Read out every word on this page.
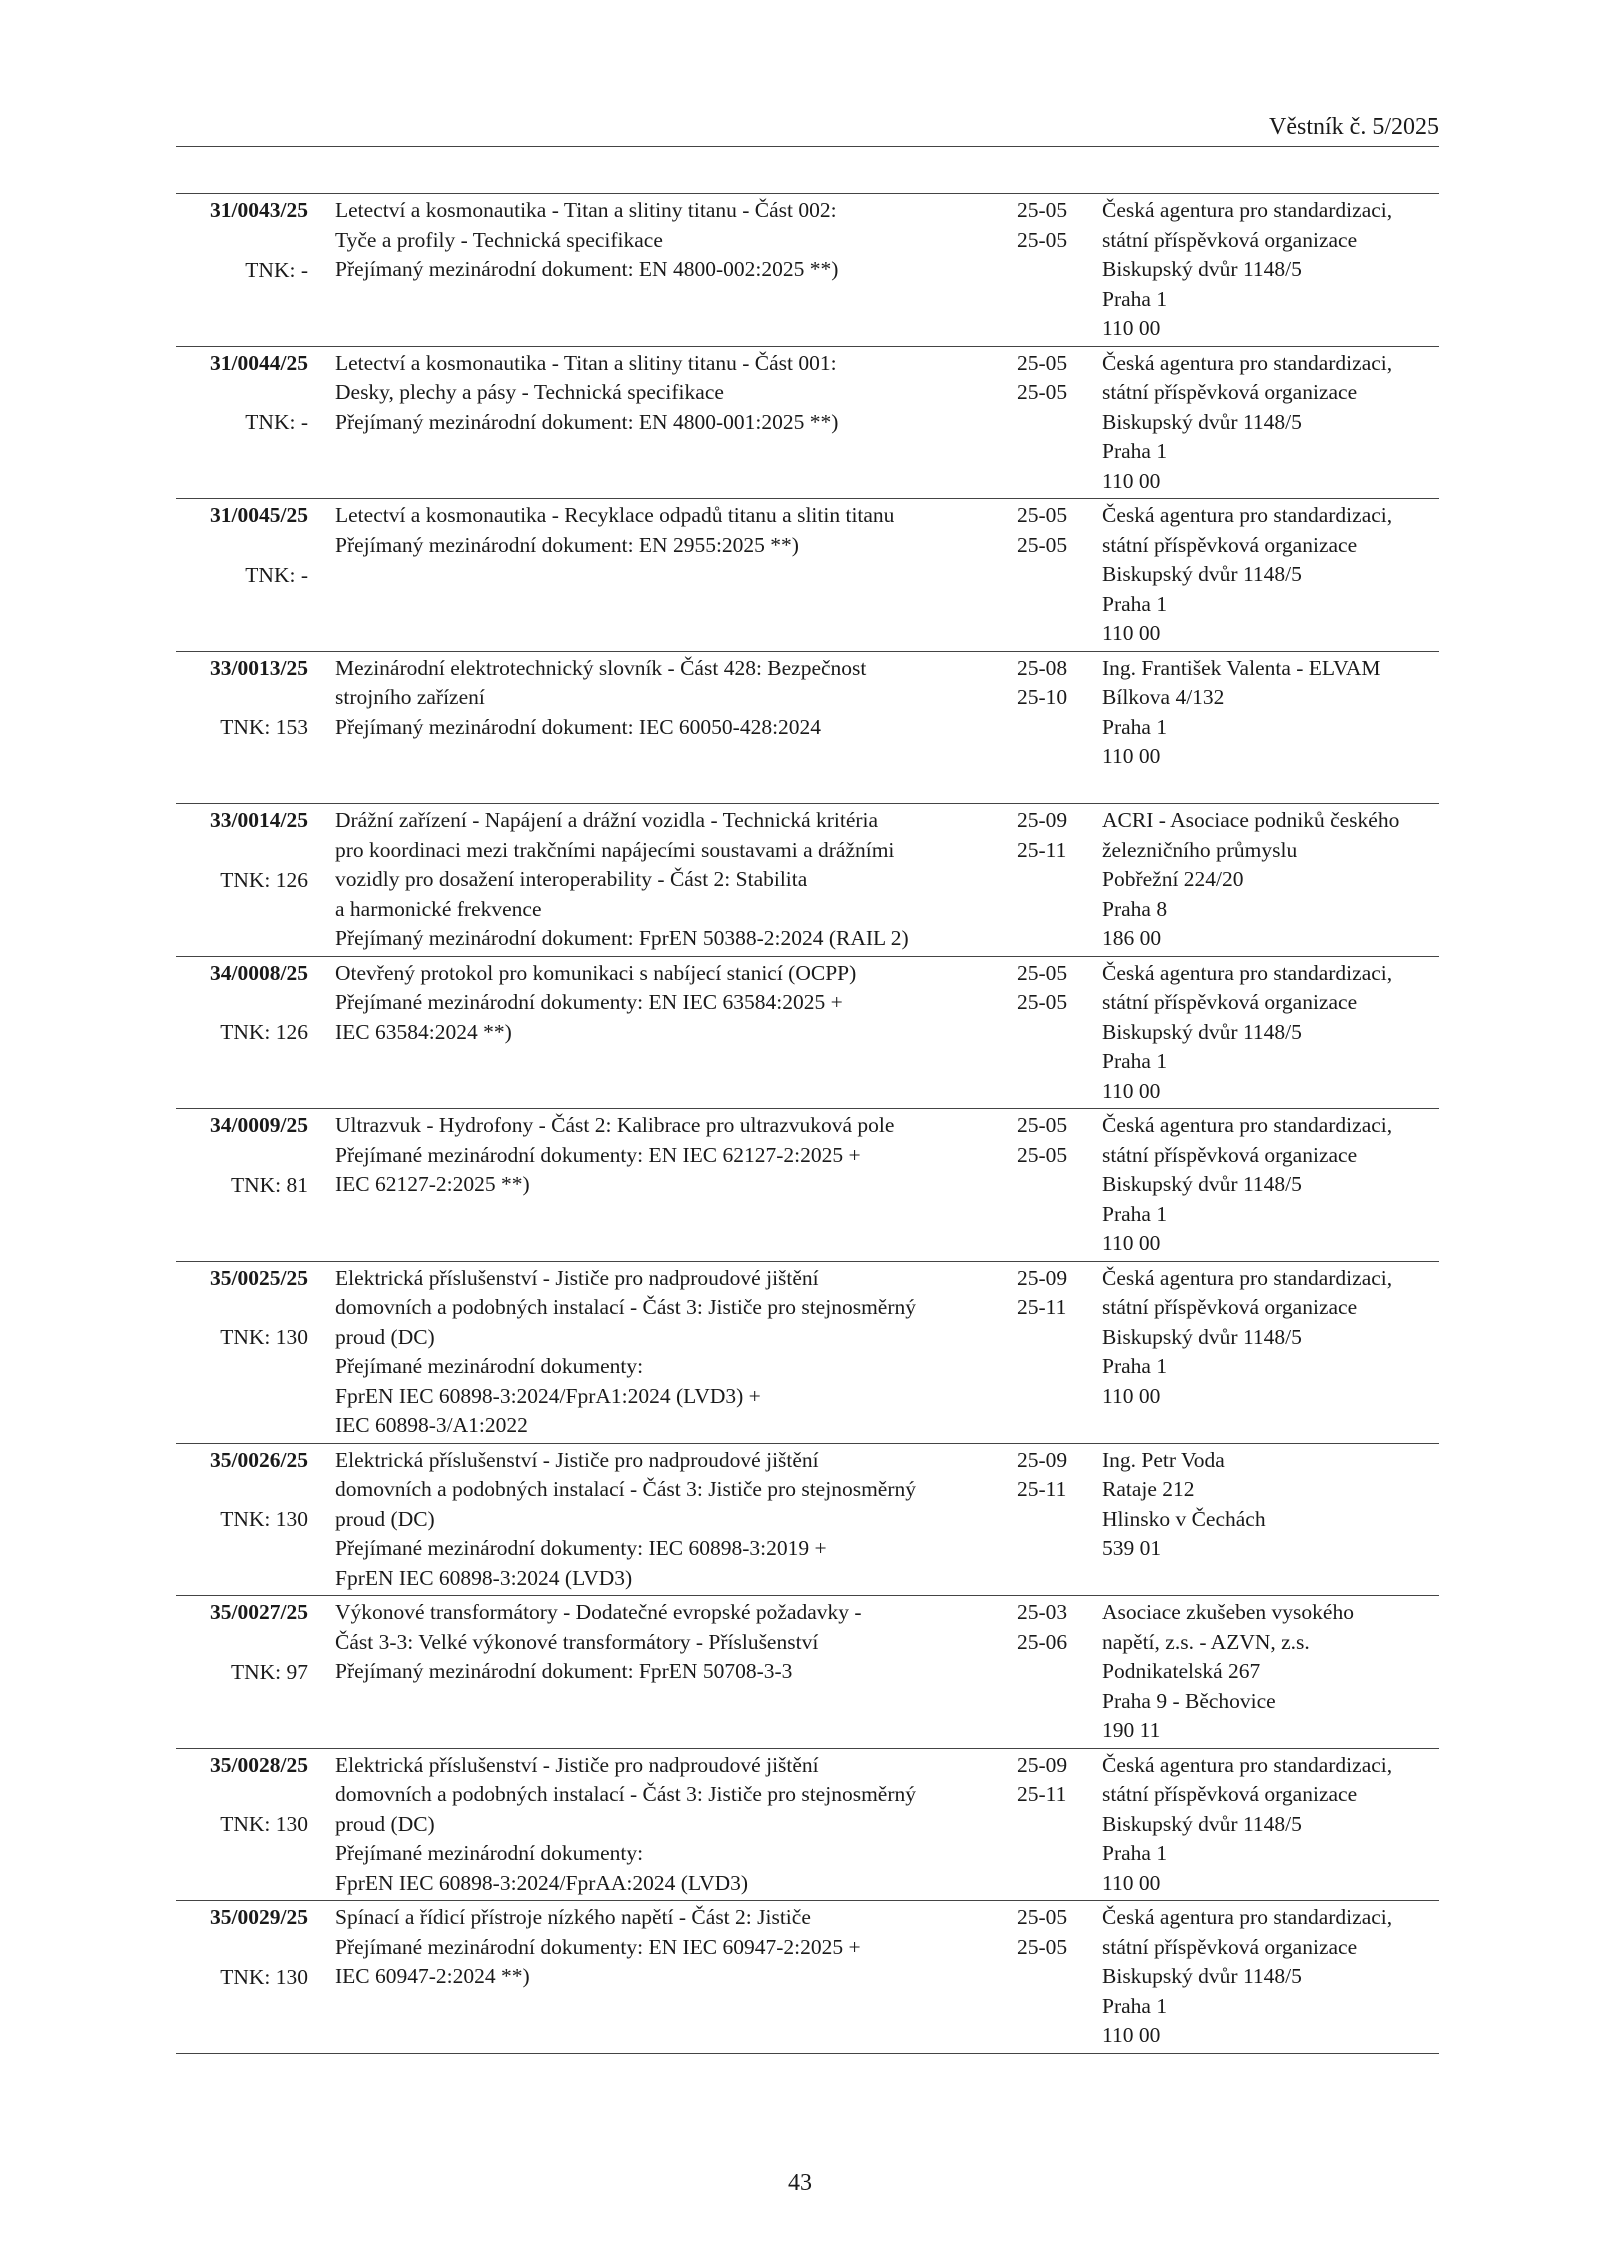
Věstník č. 5/2025
31/0043/25
TNK: -
Letectví a kosmonautika - Titan a slitiny titanu - Část 002:
Tyče a profily - Technická specifikace
Přejímaný mezinárodní dokument: EN 4800-002:2025 **)
25-05
25-05
Česká agentura pro standardizaci,
státní příspěvková organizace
Biskupský dvůr 1148/5
Praha 1
110 00
31/0044/25
TNK: -
Letectví a kosmonautika - Titan a slitiny titanu - Část 001:
Desky, plechy a pásy - Technická specifikace
Přejímaný mezinárodní dokument: EN 4800-001:2025 **)
25-05
25-05
Česká agentura pro standardizaci,
státní příspěvková organizace
Biskupský dvůr 1148/5
Praha 1
110 00
31/0045/25
TNK: -
Letectví a kosmonautika - Recyklace odpadů titanu a slitin titanu
Přejímaný mezinárodní dokument: EN 2955:2025 **)
25-05
25-05
Česká agentura pro standardizaci,
státní příspěvková organizace
Biskupský dvůr 1148/5
Praha 1
110 00
33/0013/25
TNK: 153
Mezinárodní elektrotechnický slovník - Část 428: Bezpečnost
strojního zařízení
Přejímaný mezinárodní dokument: IEC 60050-428:2024
25-08
25-10
Ing. František Valenta - ELVAM
Bílkova 4/132
Praha 1
110 00
33/0014/25
TNK: 126
Drážní zařízení - Napájení a drážní vozidla - Technická kritéria
pro koordinaci mezi trakčními napájecími soustavami a drážními
vozidly pro dosažení interoperability - Část 2: Stabilita
a harmonické frekvence
Přejímaný mezinárodní dokument: FprEN 50388-2:2024 (RAIL 2)
25-09
25-11
ACRI - Asociace podniků českého
železničního průmyslu
Pobřežní 224/20
Praha 8
186 00
34/0008/25
TNK: 126
Otevřený protokol pro komunikaci s nabíjecí stanicí (OCPP)
Přejímané mezinárodní dokumenty: EN IEC 63584:2025 +
IEC 63584:2024 **)
25-05
25-05
Česká agentura pro standardizaci,
státní příspěvková organizace
Biskupský dvůr 1148/5
Praha 1
110 00
34/0009/25
TNK: 81
Ultrazvuk - Hydrofony - Část 2: Kalibrace pro ultrazvuková pole
Přejímané mezinárodní dokumenty: EN IEC 62127-2:2025 +
IEC 62127-2:2025 **)
25-05
25-05
Česká agentura pro standardizaci,
státní příspěvková organizace
Biskupský dvůr 1148/5
Praha 1
110 00
35/0025/25
TNK: 130
Elektrická příslušenství - Jističe pro nadproudové jištění
domovních a podobných instalací - Část 3: Jističe pro stejnosměrný
proud (DC)
Přejímané mezinárodní dokumenty:
FprEN IEC 60898-3:2024/FprA1:2024 (LVD3) +
IEC 60898-3/A1:2022
25-09
25-11
Česká agentura pro standardizaci,
státní příspěvková organizace
Biskupský dvůr 1148/5
Praha 1
110 00
35/0026/25
TNK: 130
Elektrická příslušenství - Jističe pro nadproudové jištění
domovních a podobných instalací - Část 3: Jističe pro stejnosměrný
proud (DC)
Přejímané mezinárodní dokumenty: IEC 60898-3:2019 +
FprEN IEC 60898-3:2024 (LVD3)
25-09
25-11
Ing. Petr Voda
Rataje 212
Hlinsko v Čechách
539 01
35/0027/25
TNK: 97
Výkonové transformátory - Dodatečné evropské požadavky -
Část 3-3: Velké výkonové transformátory - Příslušenství
Přejímaný mezinárodní dokument: FprEN 50708-3-3
25-03
25-06
Asociace zkušeben vysokého
napětí, z.s. - AZVN, z.s.
Podnikatelská 267
Praha 9 - Běchovice
190 11
35/0028/25
TNK: 130
Elektrická příslušenství - Jističe pro nadproudové jištění
domovních a podobných instalací - Část 3: Jističe pro stejnosměrný
proud (DC)
Přejímané mezinárodní dokumenty:
FprEN IEC 60898-3:2024/FprAA:2024 (LVD3)
25-09
25-11
Česká agentura pro standardizaci,
státní příspěvková organizace
Biskupský dvůr 1148/5
Praha 1
110 00
35/0029/25
TNK: 130
Spínací a řídicí přístroje nízkého napětí - Část 2: Jističe
Přejímané mezinárodní dokumenty: EN IEC 60947-2:2025 +
IEC 60947-2:2024 **)
25-05
25-05
Česká agentura pro standardizaci,
státní příspěvková organizace
Biskupský dvůr 1148/5
Praha 1
110 00
43
